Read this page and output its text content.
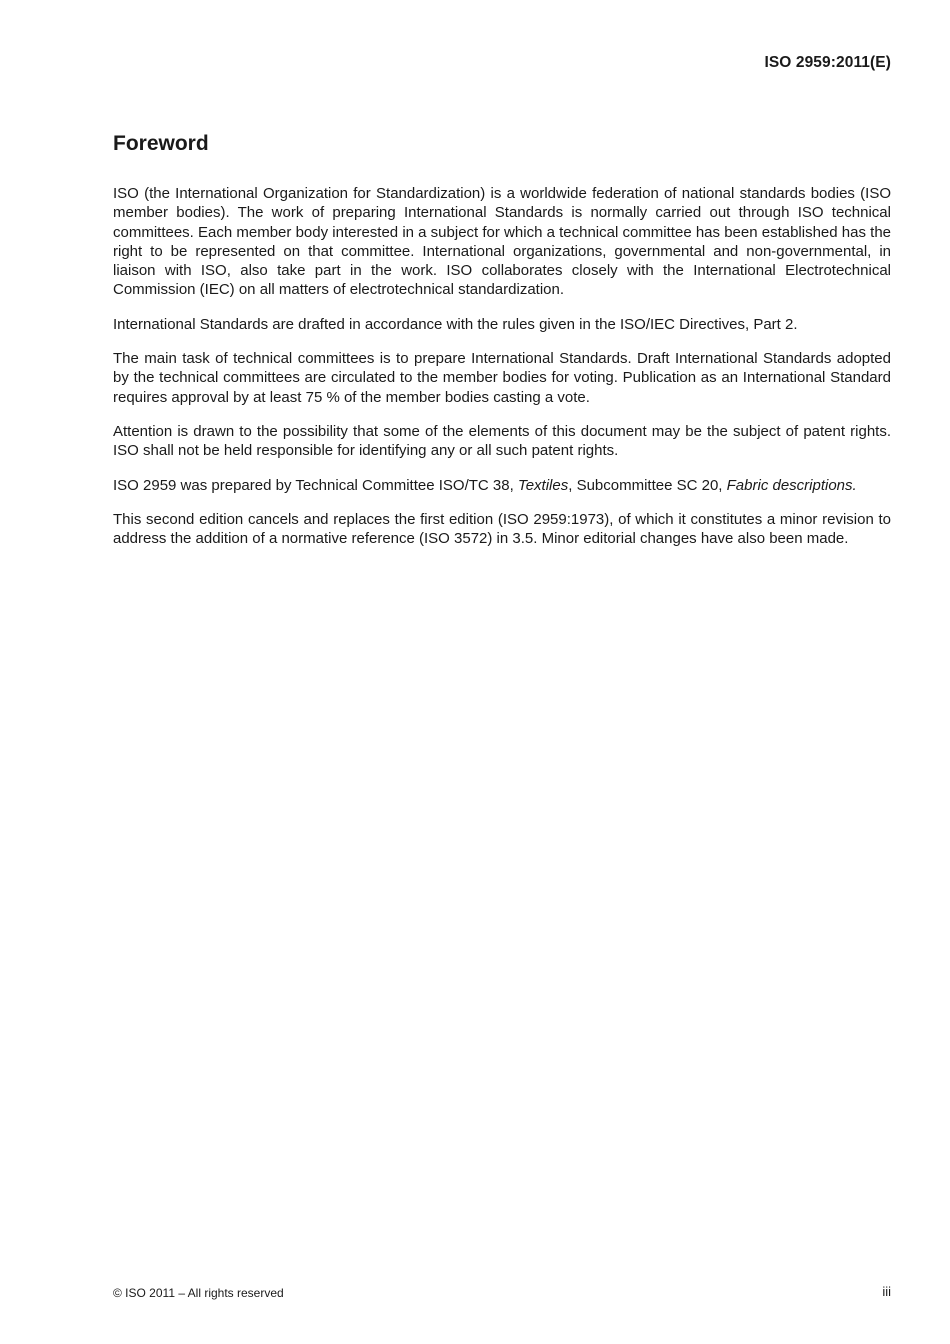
ISO 2959:2011(E)
Foreword

ISO (the International Organization for Standardization) is a worldwide federation of national standards bodies (ISO member bodies). The work of preparing International Standards is normally carried out through ISO technical committees. Each member body interested in a subject for which a technical committee has been established has the right to be represented on that committee. International organizations, governmental and non-governmental, in liaison with ISO, also take part in the work. ISO collaborates closely with the International Electrotechnical Commission (IEC) on all matters of electrotechnical standardization.

International Standards are drafted in accordance with the rules given in the ISO/IEC Directives, Part 2.

The main task of technical committees is to prepare International Standards. Draft International Standards adopted by the technical committees are circulated to the member bodies for voting. Publication as an International Standard requires approval by at least 75 % of the member bodies casting a vote.

Attention is drawn to the possibility that some of the elements of this document may be the subject of patent rights. ISO shall not be held responsible for identifying any or all such patent rights.

ISO 2959 was prepared by Technical Committee ISO/TC 38, Textiles, Subcommittee SC 20, Fabric descriptions.

This second edition cancels and replaces the first edition (ISO 2959:1973), of which it constitutes a minor revision to address the addition of a normative reference (ISO 3572) in 3.5. Minor editorial changes have also been made.

© ISO 2011 – All rights reserved	iii
